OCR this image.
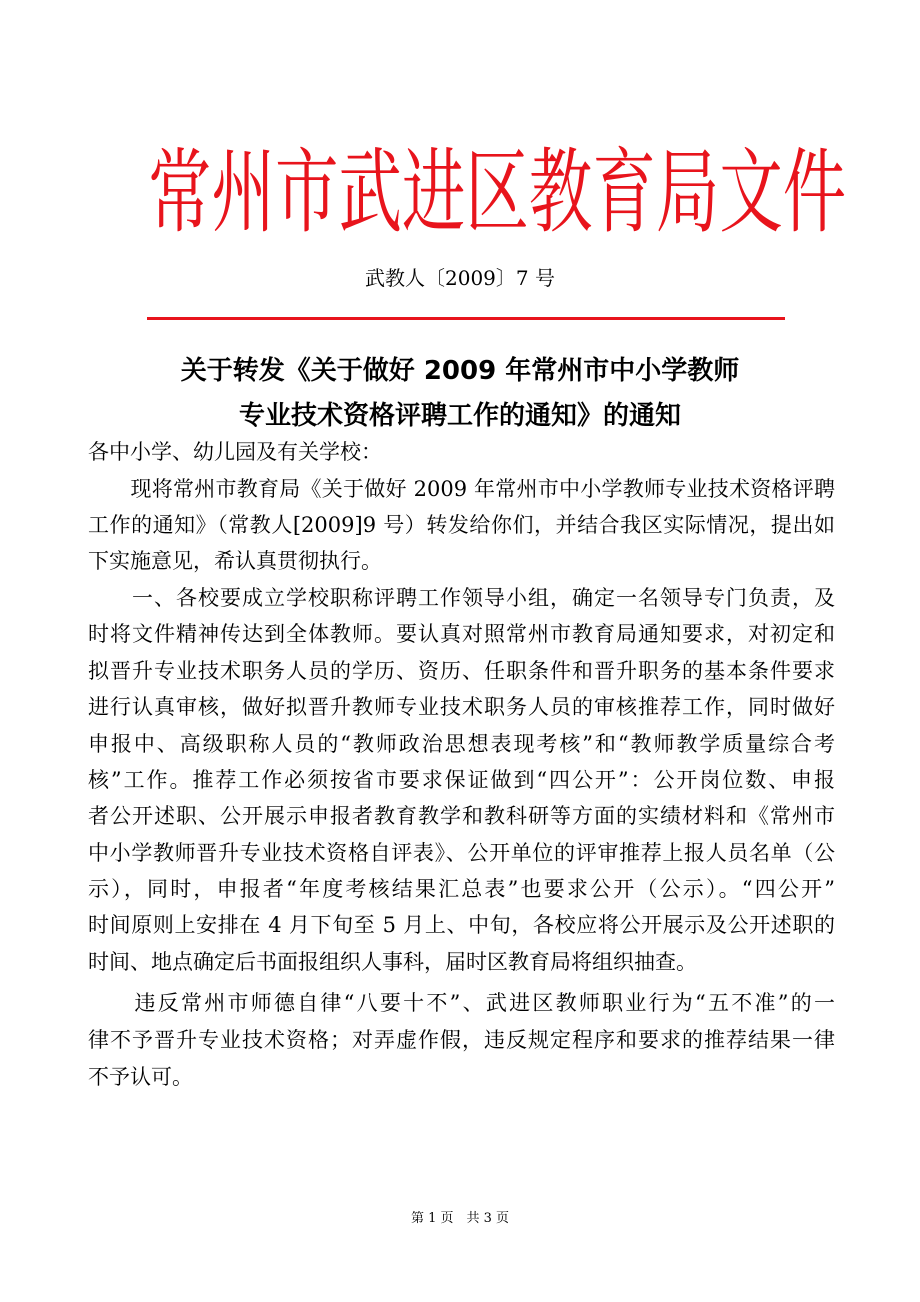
常州市武进区教育局文件
武教人〔2009〕7 号
关于转发《关于做好 2009 年常州市中小学教师
专业技术资格评聘工作的通知》的通知
各中小学、幼儿园及有关学校：
　　现将常州市教育局《关于做好 2009 年常州市中小学教师专业技术资格评聘
工作的通知》（常教人[2009]9 号）转发给你们，并结合我区实际情况，提出如
下实施意见，希认真贯彻执行。
　　一、各校要成立学校职称评聘工作领导小组，确定一名领导专门负责，及
时将文件精神传达到全体教师。要认真对照常州市教育局通知要求，对初定和
拟晋升专业技术职务人员的学历、资历、任职条件和晋升职务的基本条件要求
进行认真审核，做好拟晋升教师专业技术职务人员的审核推荐工作，同时做好
申报中、高级职称人员的“教师政治思想表现考核”和“教师教学质量综合考
核”工作。推荐工作必须按省市要求保证做到“四公开”：公开岗位数、申报
者公开述职、公开展示申报者教育教学和教科研等方面的实绩材料和《常州市
中小学教师晋升专业技术资格自评表》、公开单位的评审推荐上报人员名单（公
示），同时，申报者“年度考核结果汇总表”也要求公开（公示）。“四公开”
时间原则上安排在 4 月下旬至 5 月上、中旬，各校应将公开展示及公开述职的
时间、地点确定后书面报组织人事科，届时区教育局将组织抽查。
　　违反常州市师德自律“八要十不”、武进区教师职业行为“五不准”的一
律不予晋升专业技术资格；对弄虚作假，违反规定程序和要求的推荐结果一律
不予认可。
第 1 页　共 3 页
